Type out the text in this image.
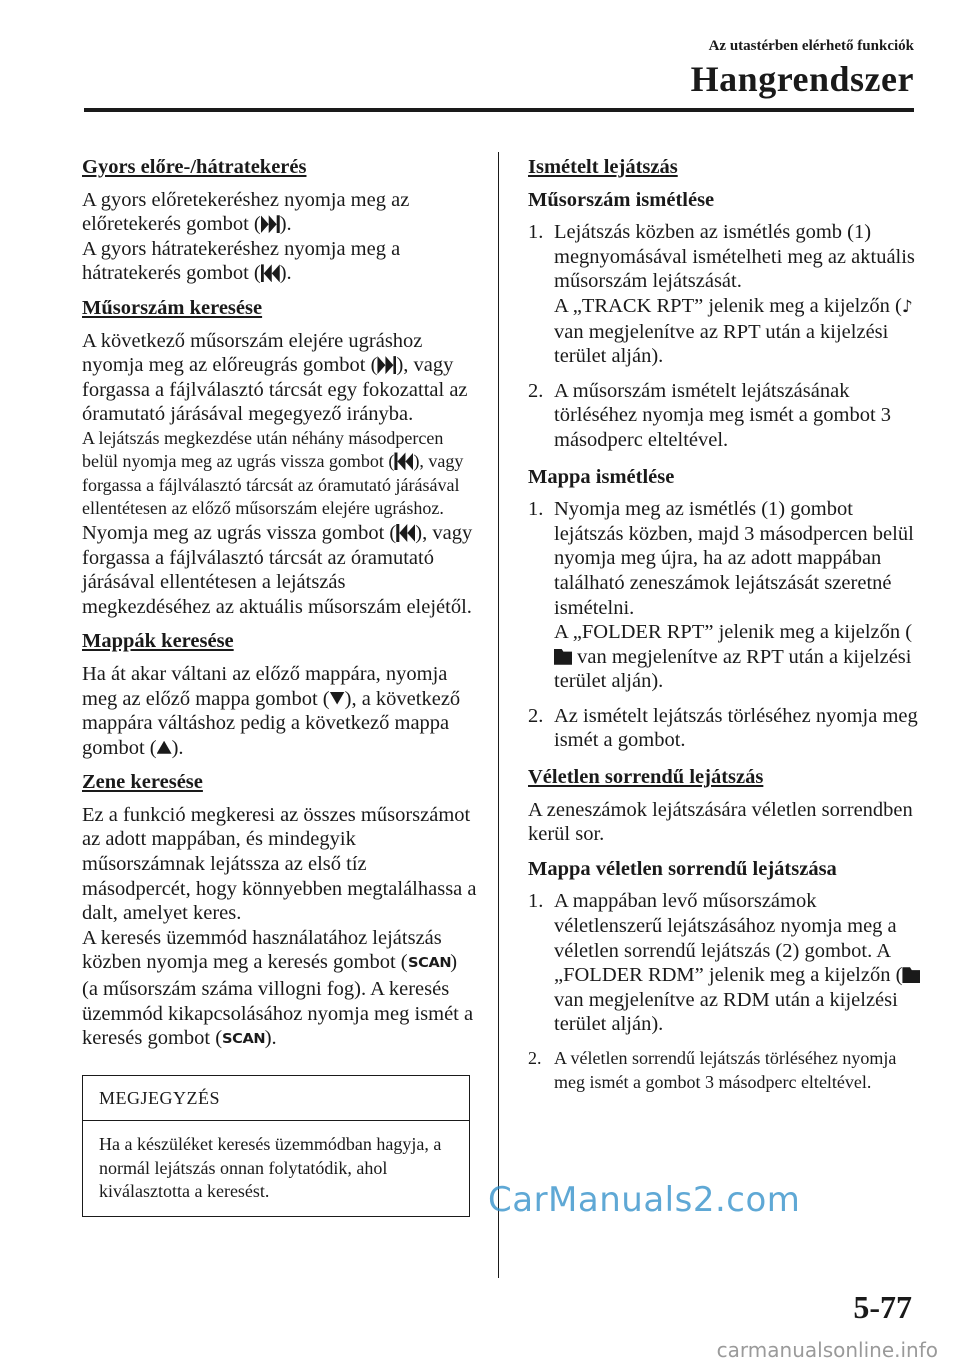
Az utastérben elérhető funkciók
Hangrendszer
Gyors előre-/hátratekerés

A gyors előretekeréshez nyomja meg az előretekerés gombot ( ).

A gyors hátratekeréshez nyomja meg a hátratekerés gombot ( ).

Műsorszám keresése

A következő műsorszám elejére ugráshoz nyomja meg az előreugrás gombot ( ), vagy forgassa a fájlválasztó tárcsát egy fokozattal az óramutató járásával megegyező irányba.

A lejátszás megkezdése után néhány másodpercen belül nyomja meg az ugrás vissza gombot ( ), vagy forgassa a fájlválasztó tárcsát az óramutató járásával ellentétesen az előző műsorszám elejére ugráshoz.

Nyomja meg az ugrás vissza gombot ( ), vagy forgassa a fájlválasztó tárcsát az óramutató járásával ellentétesen a lejátszás megkezdéséhez az aktuális műsorszám elejétől.

Mappák keresése

Ha át akar váltani az előző mappára, nyomja meg az előző mappa gombot ( ), a következő mappára váltáshoz pedig a következő mappa gombot ( ).

Zene keresése

Ez a funkció megkeresi az összes műsorszámot az adott mappában, és mindegyik műsorszámnak lejátssza az első tíz másodpercét, hogy könnyebben megtalálhassa a dalt, amelyet keres.

A keresés üzemmód használatához lejátszás közben nyomja meg a keresés gombot (SCAN) (a műsorszám száma villogni fog). A keresés üzemmód kikapcsolásához nyomja meg ismét a keresés gombot (SCAN).

MEGJEGYZÉS
Ha a készüléket keresés üzemmódban hagyja, a normál lejátszás onnan folytatódik, ahol kiválasztotta a keresést.
Ismételt lejátszás
Műsorszám ismétlése
1. Lejátszás közben az ismétlés gomb (1) megnyomásával ismételheti meg az aktuális műsorszám lejátszását.
A „TRACK RPT” jelenik meg a kijelzőn (♪ van megjelenítve az RPT után a kijelzési terület alján).
2. A műsorszám ismételt lejátszásának törléséhez nyomja meg ismét a gombot 3 másodperc elteltével.
Mappa ismétlése
1. Nyomja meg az ismétlés (1) gombot lejátszás közben, majd 3 másodpercen belül nyomja meg újra, ha az adott mappában található zeneszámok lejátszását szeretné ismételni.
A „FOLDER RPT” jelenik meg a kijelzőn ( van megjelenítve az RPT után a kijelzési terület alján).
2. Az ismételt lejátszás törléséhez nyomja meg ismét a gombot.
Véletlen sorrendű lejátszás

A zeneszámok lejátszására véletlen sorrendben kerül sor.

Mappa véletlen sorrendű lejátszása
1. A mappában levő műsorszámok véletlenszerű lejátszásához nyomja meg a véletlen sorrendű lejátszás (2) gombot. A „FOLDER RDM” jelenik meg a kijelzőn ( van megjelenítve az RDM után a kijelzési terület alján).
2. A véletlen sorrendű lejátszás törléséhez nyomja meg ismét a gombot 3 másodperc elteltével.
CarManuals2.com
5-77
carmanualsonline.info
